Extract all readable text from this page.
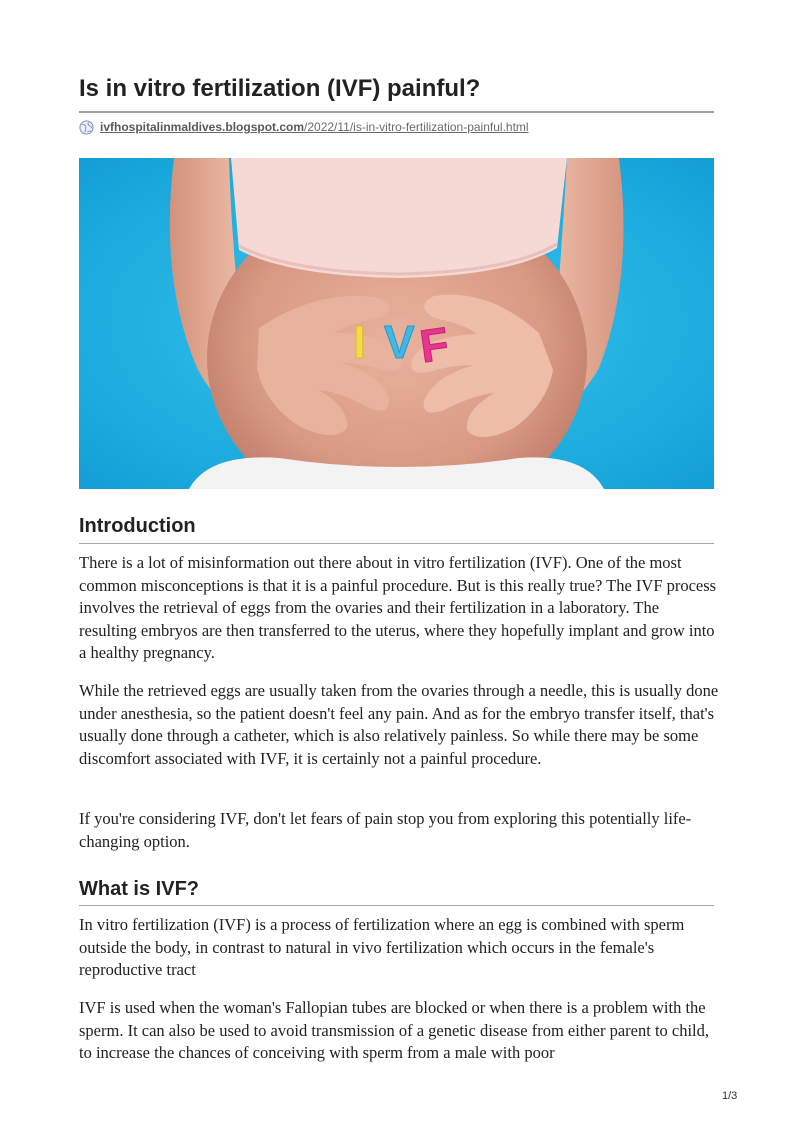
Is in vitro fertilization (IVF) painful?
ivfhospitalinmaldives.blogspot.com/2022/11/is-in-vitro-fertilization-painful.html
I V F
Introduction

There is a lot of misinformation out there about in vitro fertilization (IVF). One of the most common misconceptions is that it is a painful procedure. But is this really true? The IVF process involves the retrieval of eggs from the ovaries and their fertilization in a laboratory. The resulting embryos are then transferred to the uterus, where they hopefully implant and grow into a healthy pregnancy.

While the retrieved eggs are usually taken from the ovaries through a needle, this is usually done under anesthesia, so the patient doesn't feel any pain. And as for the embryo transfer itself, that's usually done through a catheter, which is also relatively painless. So while there may be some discomfort associated with IVF, it is certainly not a painful procedure.

If you're considering IVF, don't let fears of pain stop you from exploring this potentially life-changing option.

What is IVF?

In vitro fertilization (IVF) is a process of fertilization where an egg is combined with sperm outside the body, in contrast to natural in vivo fertilization which occurs in the female's reproductive tract

IVF is used when the woman's Fallopian tubes are blocked or when there is a problem with the sperm. It can also be used to avoid transmission of a genetic disease from either parent to child, to increase the chances of conceiving with sperm from a male with poor

1/3
